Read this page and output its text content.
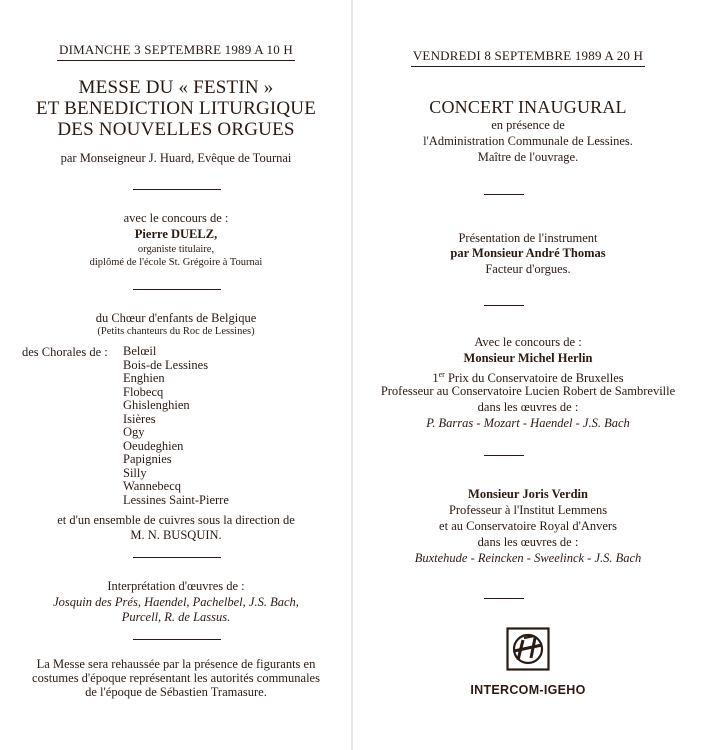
DIMANCHE 3 SEPTEMBRE 1989 A 10 H
MESSE DU « FESTIN »
ET BENEDICTION LITURGIQUE
DES NOUVELLES ORGUES
par Monseigneur J. Huard, Evêque de Tournai
avec le concours de :
Pierre DUELZ,
organiste titulaire,
diplômé de l'école St. Grégoire à Tournai
du Chœur d'enfants de Belgique
(Petits chanteurs du Roc de Lessines)
des Chorales de : Belœil
Bois-de Lessines
Enghien
Flobecq
Ghislenghien
Isières
Ogy
Oeudeghien
Papignies
Silly
Wannebecq
Lessines Saint-Pierre
et d'un ensemble de cuivres sous la direction de
M. N. BUSQUIN.
Interprétation d'œuvres de :
Josquin des Prés, Haendel, Pachelbel, J.S. Bach,
Purcell, R. de Lassus.
La Messe sera rehaussée par la présence de figurants en
costumes d'époque représentant les autorités communales
de l'époque de Sébastien Tramasure.
VENDREDI 8 SEPTEMBRE 1989 A 20 H
CONCERT INAUGURAL
en présence de
l'Administration Communale de Lessines.
Maître de l'ouvrage.
Présentation de l'instrument
par Monsieur André Thomas
Facteur d'orgues.
Avec le concours de :
Monsieur Michel Herlin
1er Prix du Conservatoire de Bruxelles
Professeur au Conservatoire Lucien Robert de Sambreville
dans les œuvres de :
P. Barras - Mozart - Haendel - J.S. Bach
Monsieur Joris Verdin
Professeur à l'Institut Lemmens
et au Conservatoire Royal d'Anvers
dans les œuvres de :
Buxtehude - Reincken - Sweelinck - J.S. Bach
INTERCOM-IGEHO
